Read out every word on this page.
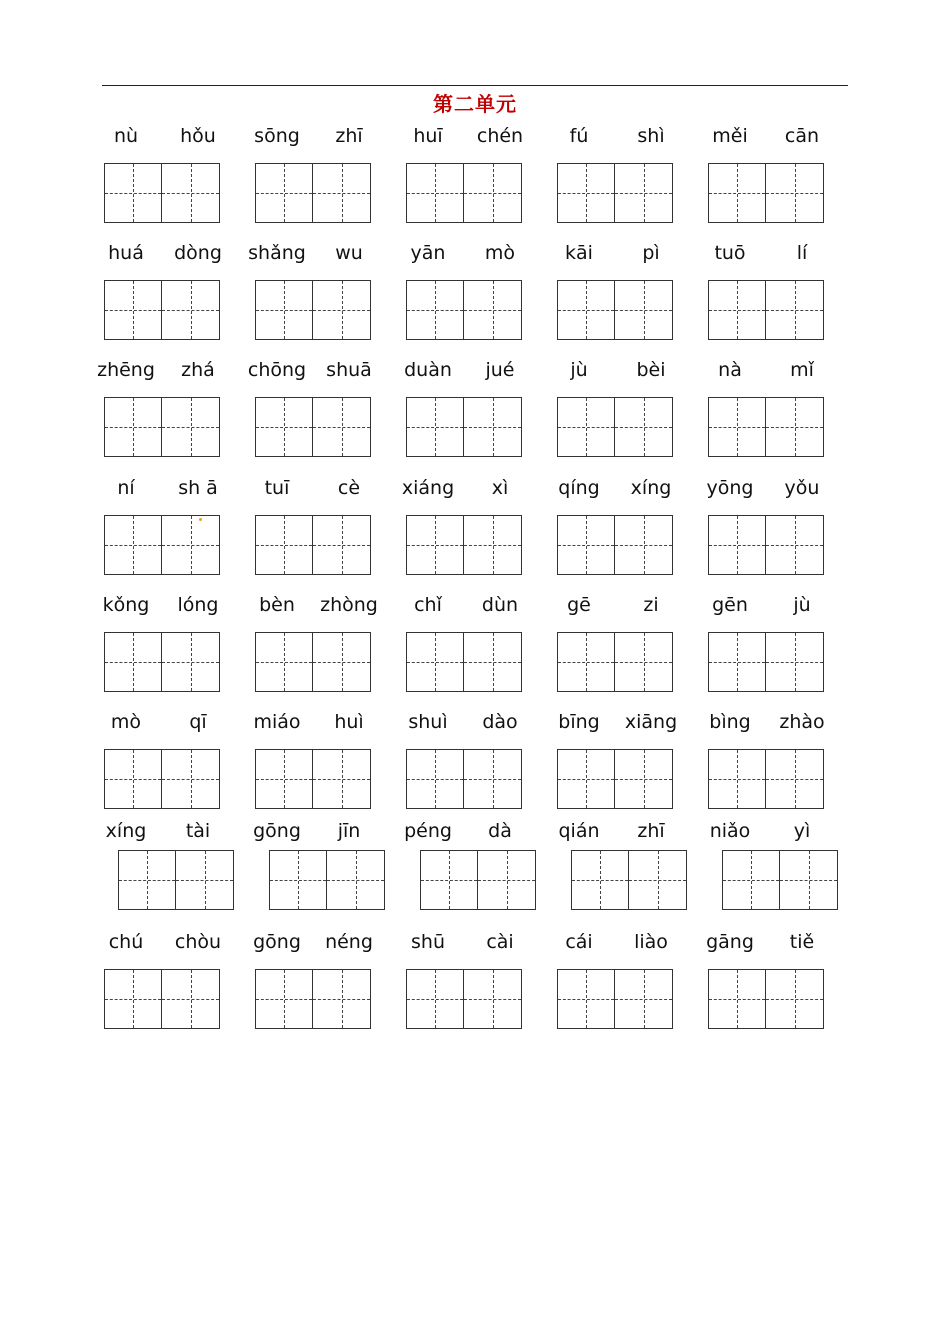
第二单元
nù	hǒu	sōng	zhī	huī	chén	fú	shì	měi	cān
huá	dòng	shǎng	wu	yān	mò	kāi	pì	tuō	lí
zhēng	zhá	chōng	shuā	duàn	jué	jù	bèi	nà	mǐ
ní	sh ā	tuī	cè	xiáng	xì	qíng	xíng	yōng	yǒu
kǒng	lóng	bèn	zhòng	chǐ	dùn	gē	zi	gēn	jù
mò	qī	miáo	huì	shuì	dào	bīng	xiāng	bìng	zhào
xíng	tài	gōng	jīn	péng	dà	qián	zhī	niǎo	yì
chú	chòu	gōng	néng	shū	cài	cái	liào	gāng	tiě
